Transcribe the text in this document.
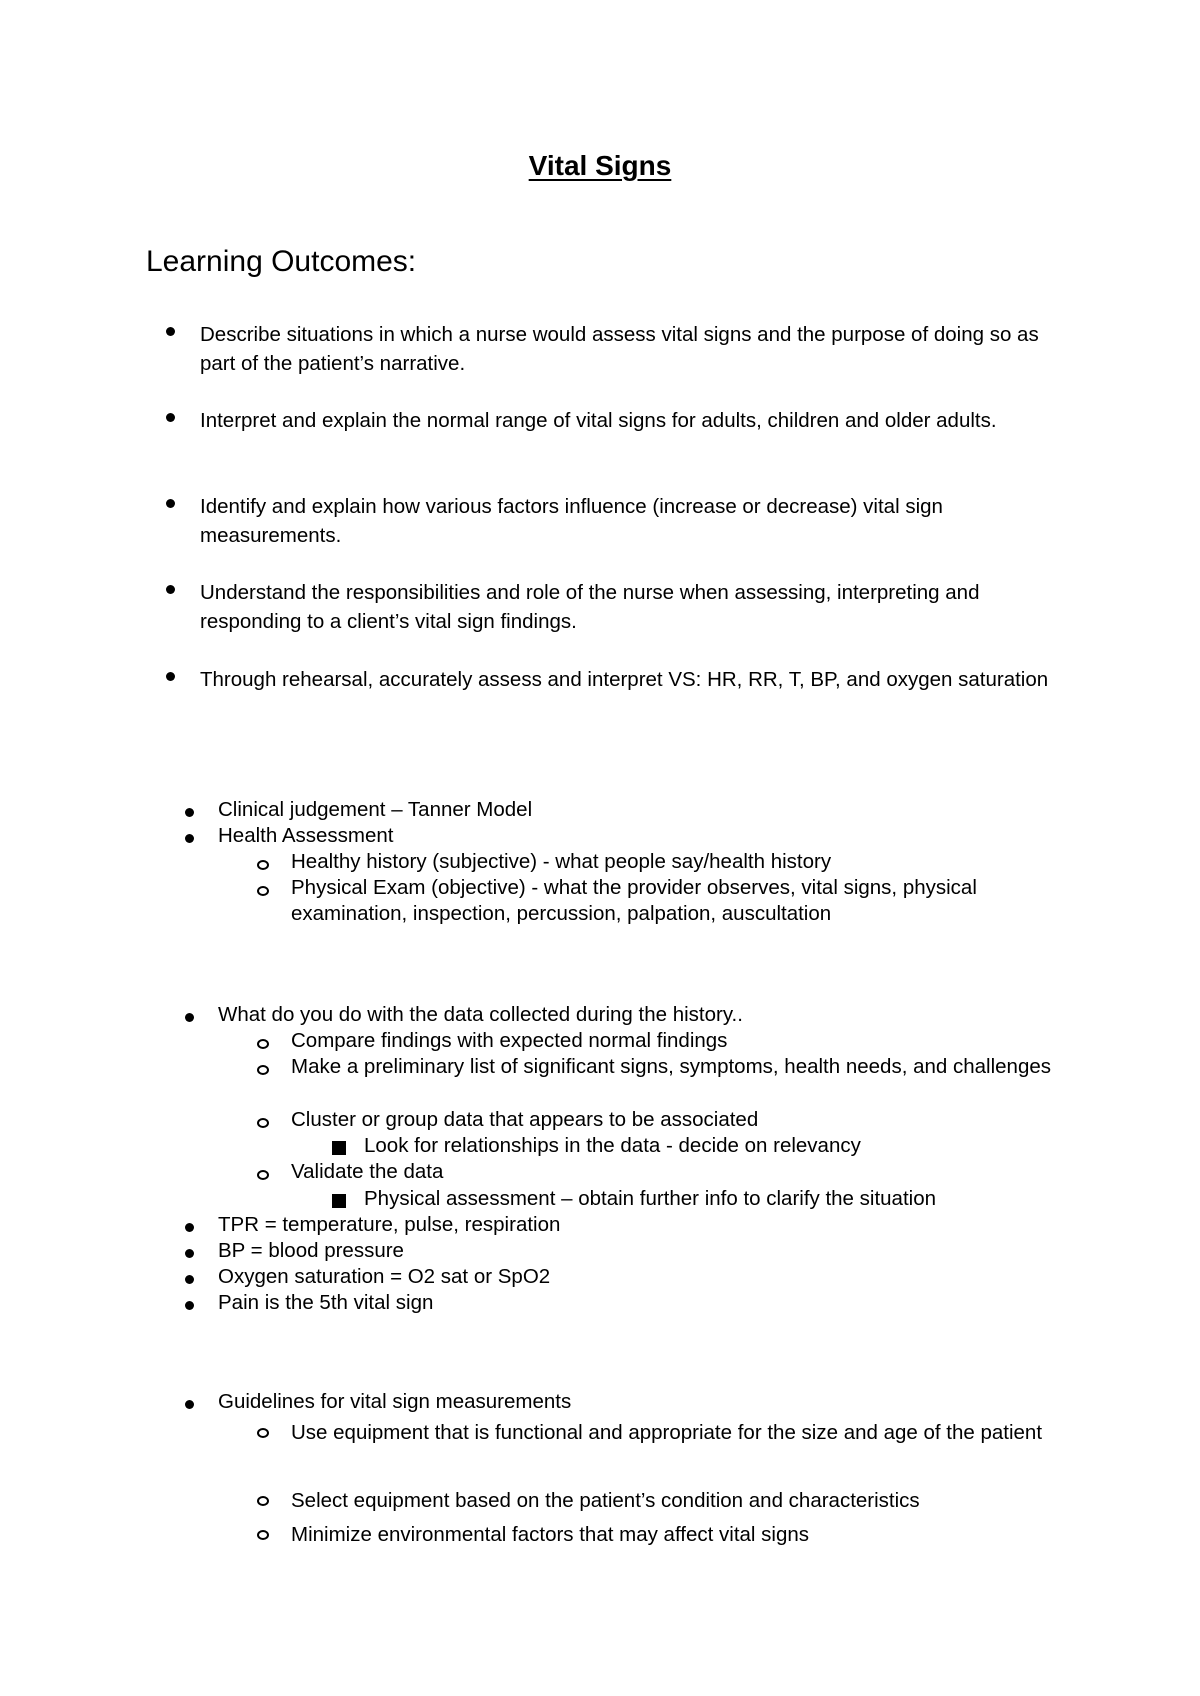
Vital Signs
Learning Outcomes:
Describe situations in which a nurse would assess vital signs and the purpose of doing so as part of the patient’s narrative.
Interpret and explain the normal range of vital signs for adults, children and older adults.
Identify and explain how various factors influence (increase or decrease) vital sign measurements.
Understand the responsibilities and role of the nurse when assessing, interpreting and responding to a client’s vital sign findings.
Through rehearsal, accurately assess and interpret VS: HR, RR, T, BP, and oxygen saturation
Clinical judgement – Tanner Model
Health Assessment
Healthy history (subjective) - what people say/health history
Physical Exam (objective) - what the provider observes, vital signs, physical examination, inspection, percussion, palpation, auscultation
What do you do with the data collected during the history..
Compare findings with expected normal findings
Make a preliminary list of significant signs, symptoms, health needs, and challenges
Cluster or group data that appears to be associated
Look for relationships in the data - decide on relevancy
Validate the data
Physical assessment – obtain further info to clarify the situation
TPR = temperature, pulse, respiration
BP = blood pressure
Oxygen saturation = O2 sat or SpO2
Pain is the 5th vital sign
Guidelines for vital sign measurements
Use equipment that is functional and appropriate for the size and age of the patient
Select equipment based on the patient’s condition and characteristics
Minimize environmental factors that may affect vital signs
